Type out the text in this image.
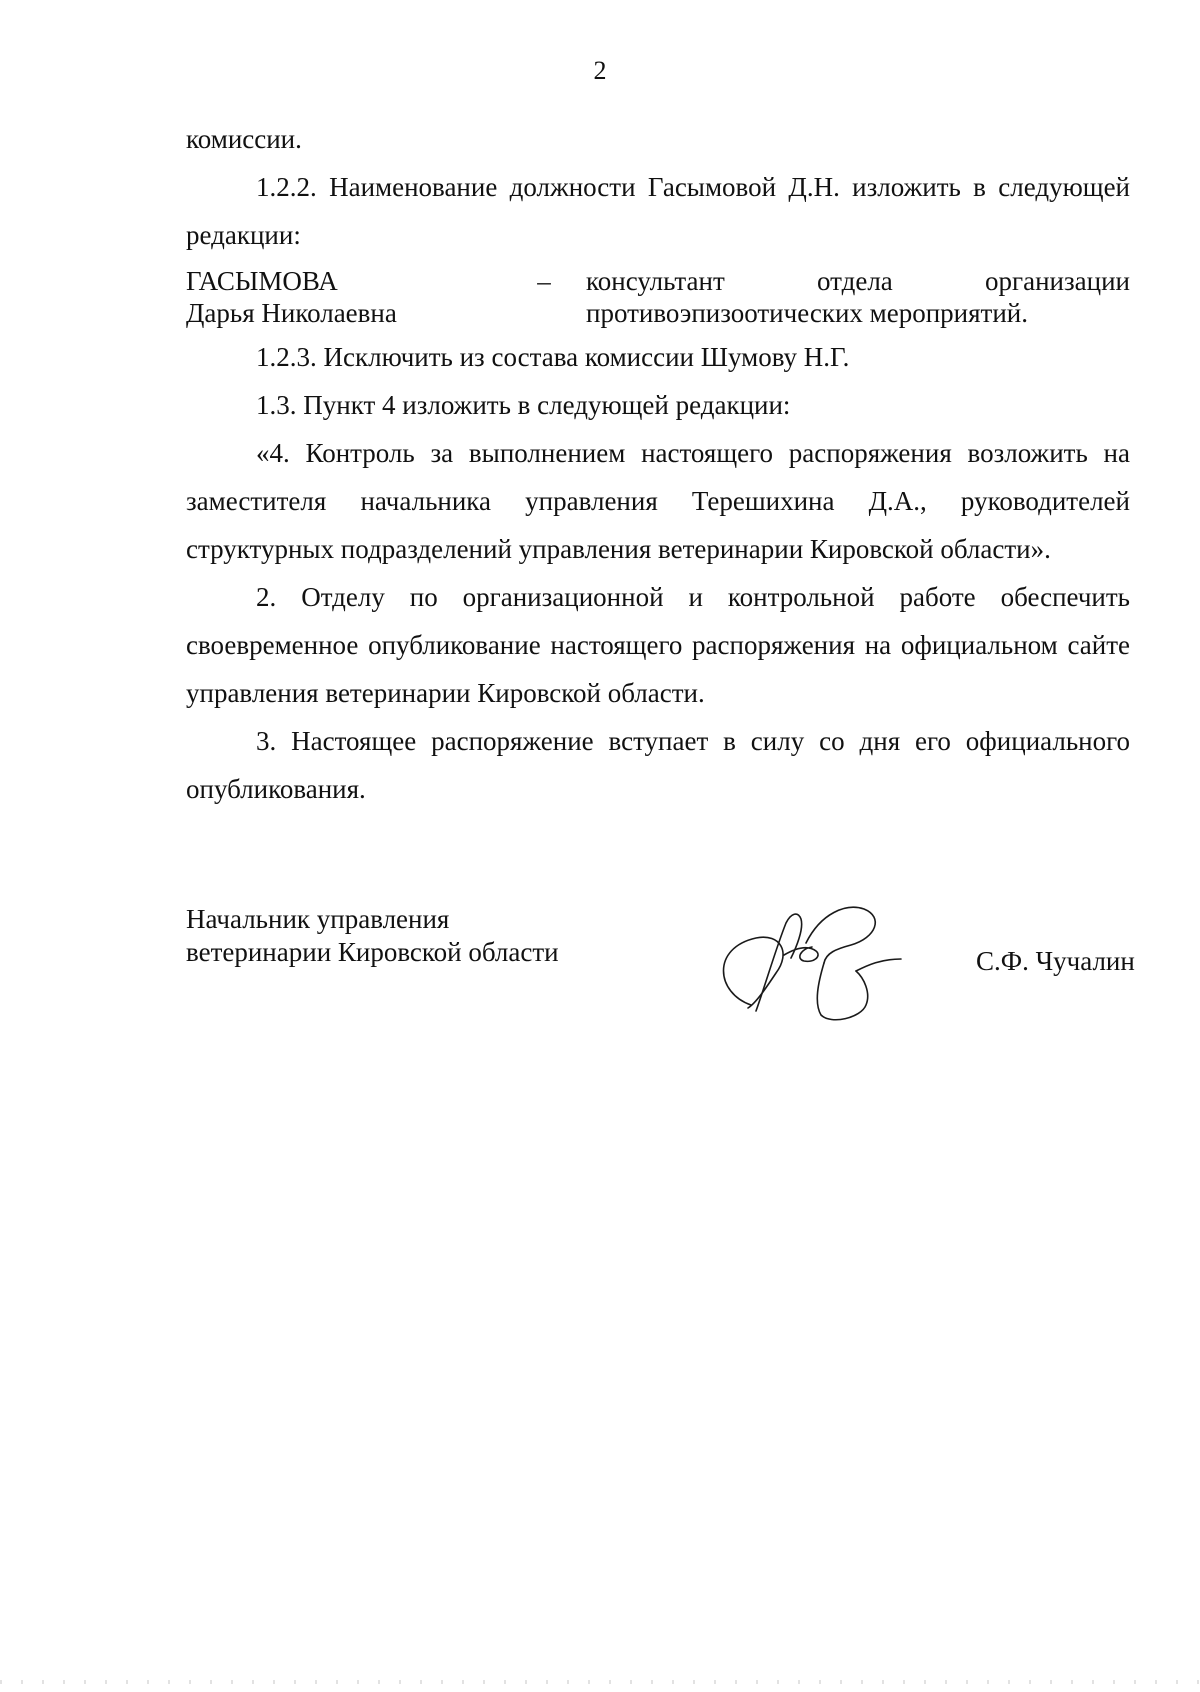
2

комиссии.

1.2.2. Наименование должности Гасымовой Д.Н. изложить в следующей редакции:

ГАСЫМОВА
Дарья Николаевна
–	консультант отдела организации
противоэпизоотических мероприятий.

1.2.3. Исключить из состава комиссии Шумову Н.Г.

1.3. Пункт 4 изложить в следующей редакции:

«4. Контроль за выполнением настоящего распоряжения возложить на заместителя начальника управления Терешихина Д.А., руководителей структурных подразделений управления ветеринарии Кировской области».

2. Отделу по организационной и контрольной работе обеспечить своевременное опубликование настоящего распоряжения на официальном сайте управления ветеринарии Кировской области.

3. Настоящее распоряжение вступает в силу со дня его официального опубликования.

Начальник управления
ветеринарии Кировской области	С.Ф. Чучалин
